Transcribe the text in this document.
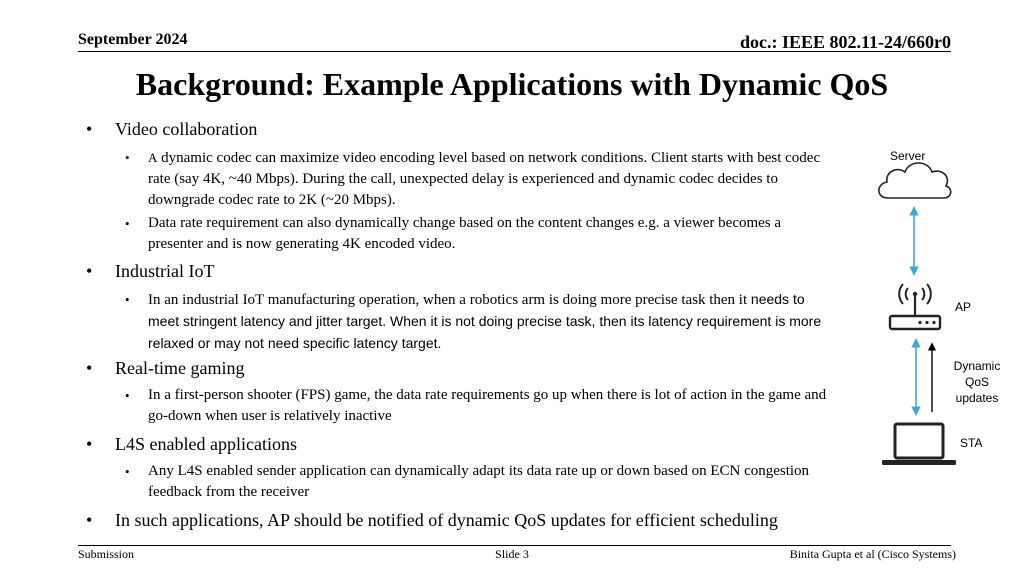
September 2024	doc.: IEEE 802.11-24/660r0
Background: Example Applications with Dynamic QoS
• Video collaboration
• A dynamic codec can maximize video encoding level based on network conditions. Client starts with best codec rate (say 4K, ~40 Mbps). During the call, unexpected delay is experienced and dynamic codec decides to downgrade codec rate to 2K (~20 Mbps).
• Data rate requirement can also dynamically change based on the content changes e.g. a viewer becomes a presenter and is now generating 4K encoded video.
• Industrial IoT
• In an industrial IoT manufacturing operation, when a robotics arm is doing more precise task then it needs to meet stringent latency and jitter target. When it is not doing precise task, then its latency requirement is more relaxed or may not need specific latency target.
• Real-time gaming
• In a first-person shooter (FPS) game, the data rate requirements go up when there is lot of action in the game and go-down when user is relatively inactive
• L4S enabled applications
• Any L4S enabled sender application can dynamically adapt its data rate up or down based on ECN congestion feedback from the receiver
• In such applications, AP should be notified of dynamic QoS updates for efficient scheduling
Server
AP
Dynamic QoS
updates
STA
Submission	Slide 3	Binita Gupta et al (Cisco Systems)
